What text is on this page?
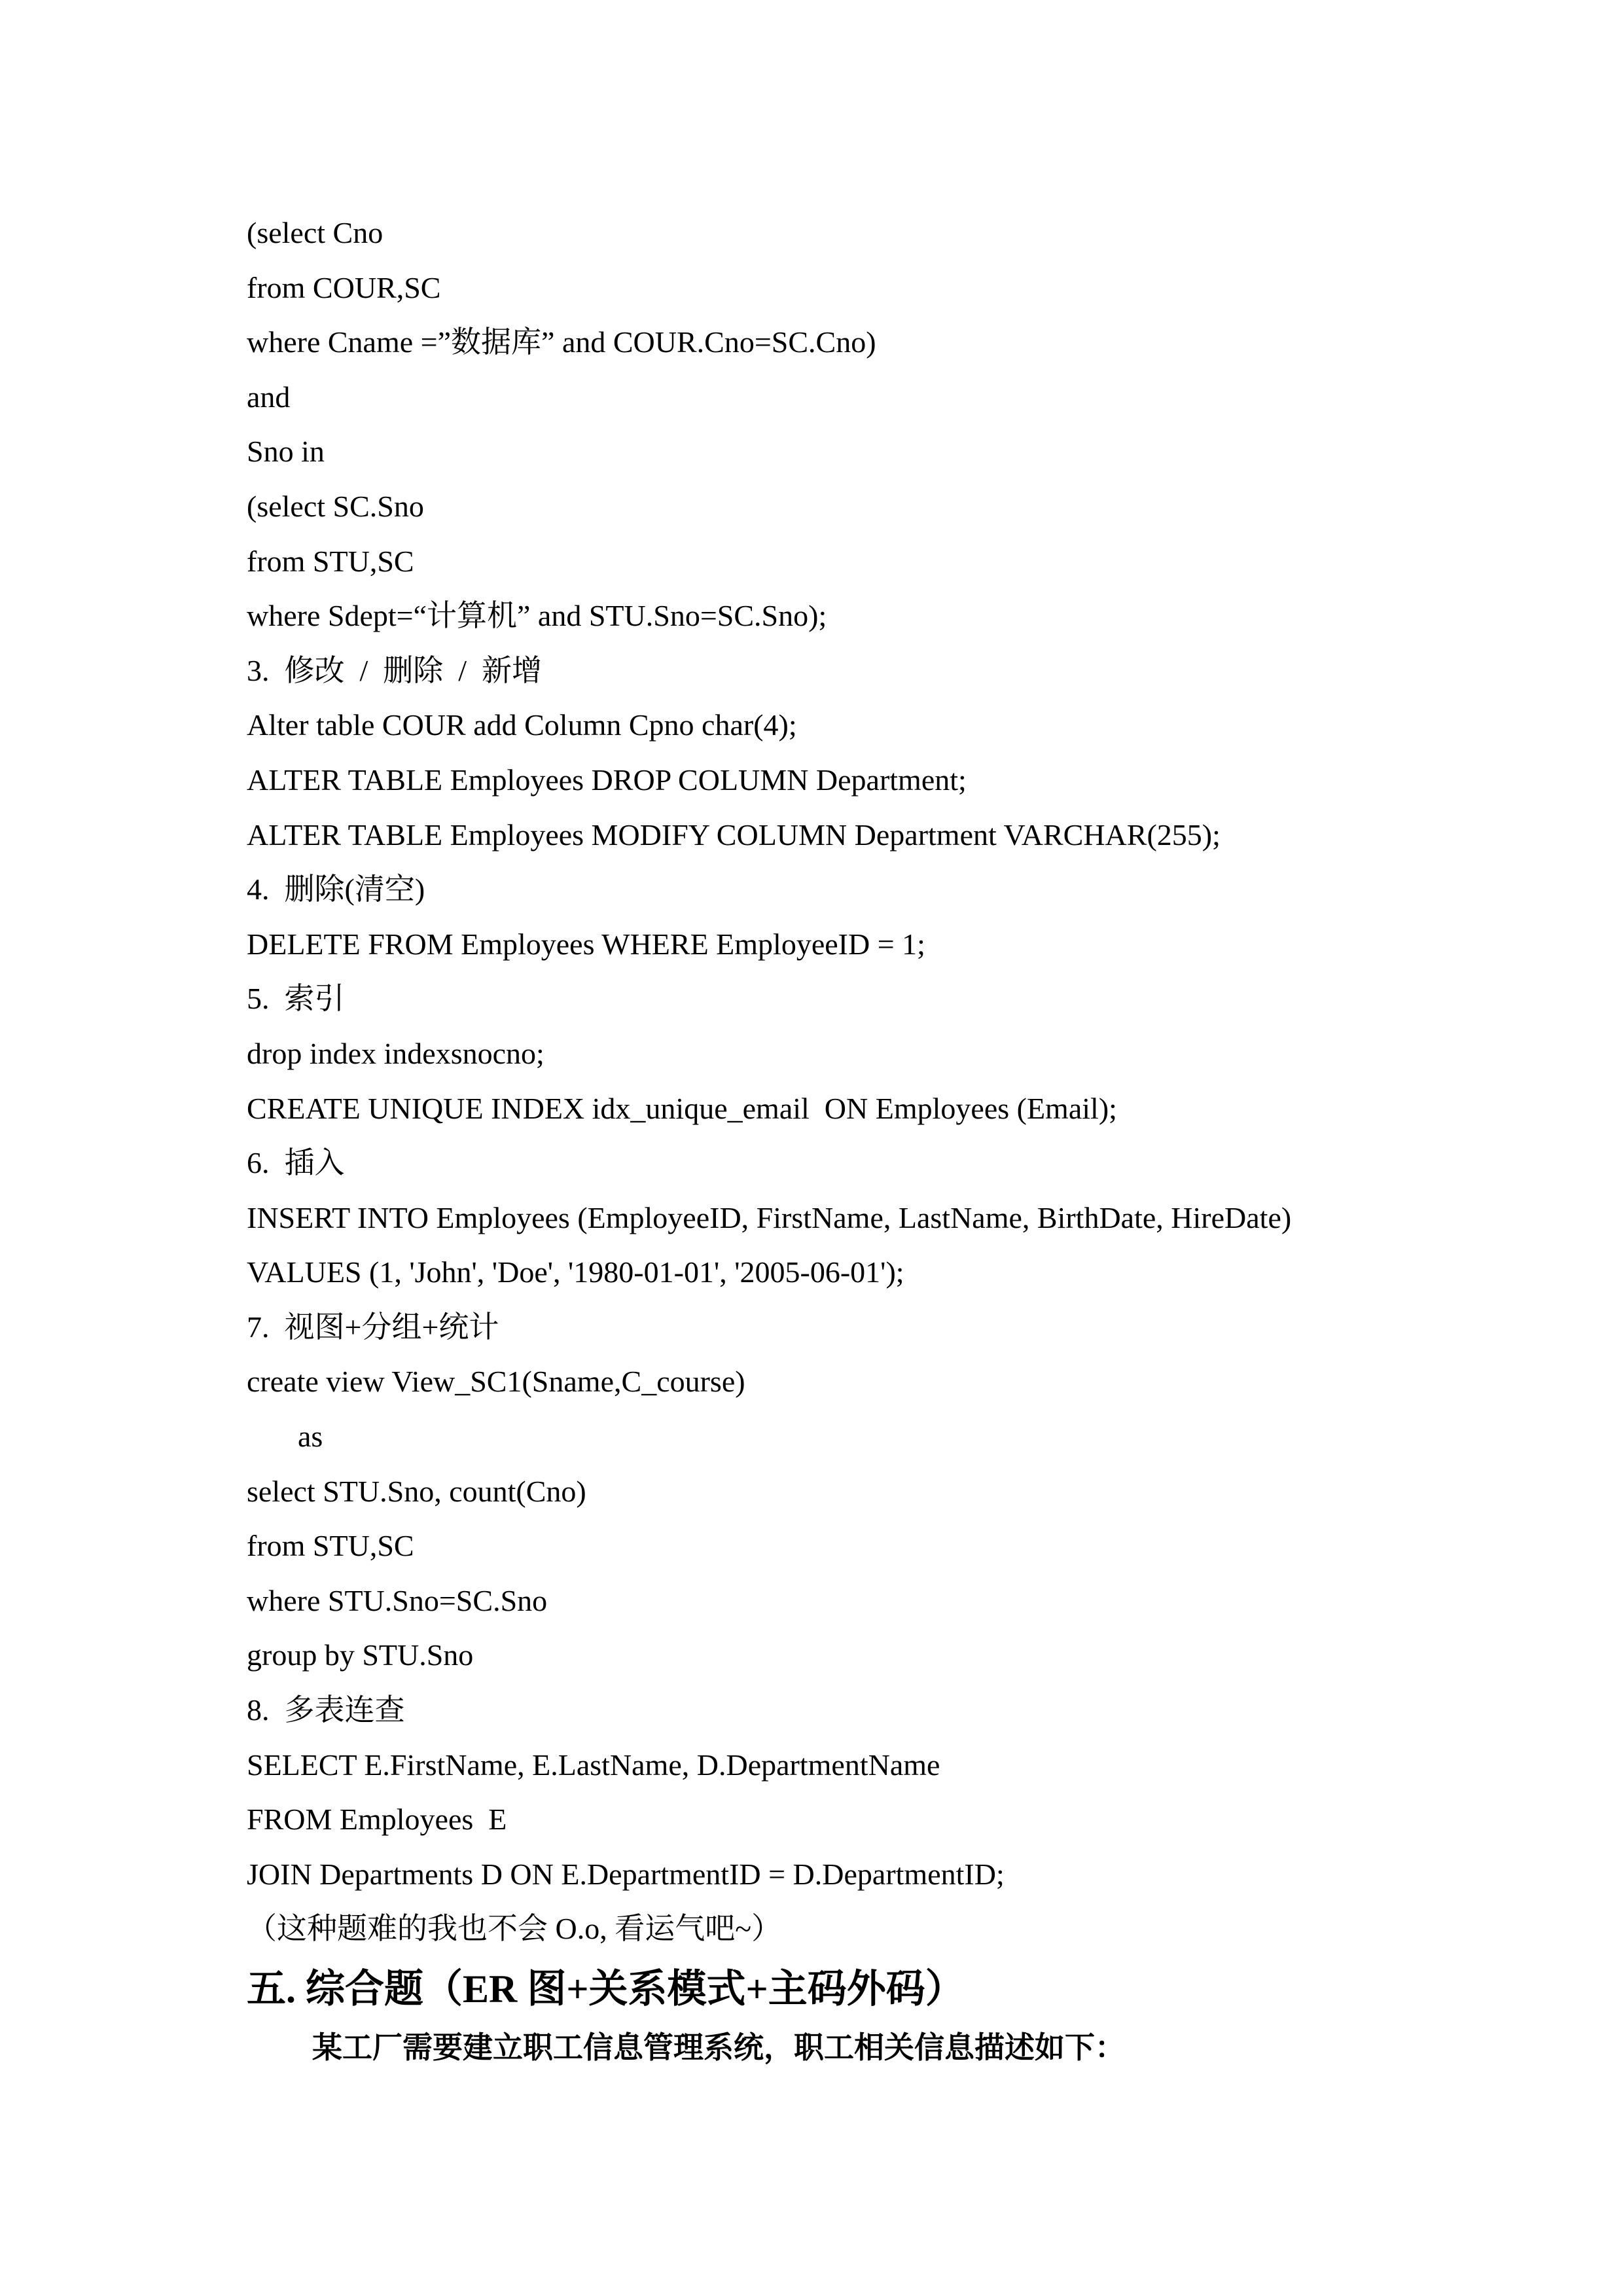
(select Cno
from COUR,SC
where Cname =”数据库” and COUR.Cno=SC.Cno)
and
Sno in
(select SC.Sno
from STU,SC
where Sdept=“计算机” and STU.Sno=SC.Sno);
3.  修改  /  删除  /  新增
Alter table COUR add Column Cpno char(4);
ALTER TABLE Employees DROP COLUMN Department;
ALTER TABLE Employees MODIFY COLUMN Department VARCHAR(255);
4.  删除(清空)
DELETE FROM Employees WHERE EmployeeID = 1;
5.  索引
drop index indexsnocno;
CREATE UNIQUE INDEX idx_unique_email  ON Employees (Email);
6.  插入
INSERT INTO Employees (EmployeeID, FirstName, LastName, BirthDate, HireDate)
VALUES (1, 'John', 'Doe', '1980-01-01', '2005-06-01');
7.  视图+分组+统计
create view View_SC1(Sname,C_course)
as
select STU.Sno, count(Cno)
from STU,SC
where STU.Sno=SC.Sno
group by STU.Sno
8.  多表连查
SELECT E.FirstName, E.LastName, D.DepartmentName
FROM Employees  E
JOIN Departments D ON E.DepartmentID = D.DepartmentID;
（这种题难的我也不会 O.o, 看运气吧~）
五. 综合题（ER 图+关系模式+主码外码）
某工厂需要建立职工信息管理系统，职工相关信息描述如下：
